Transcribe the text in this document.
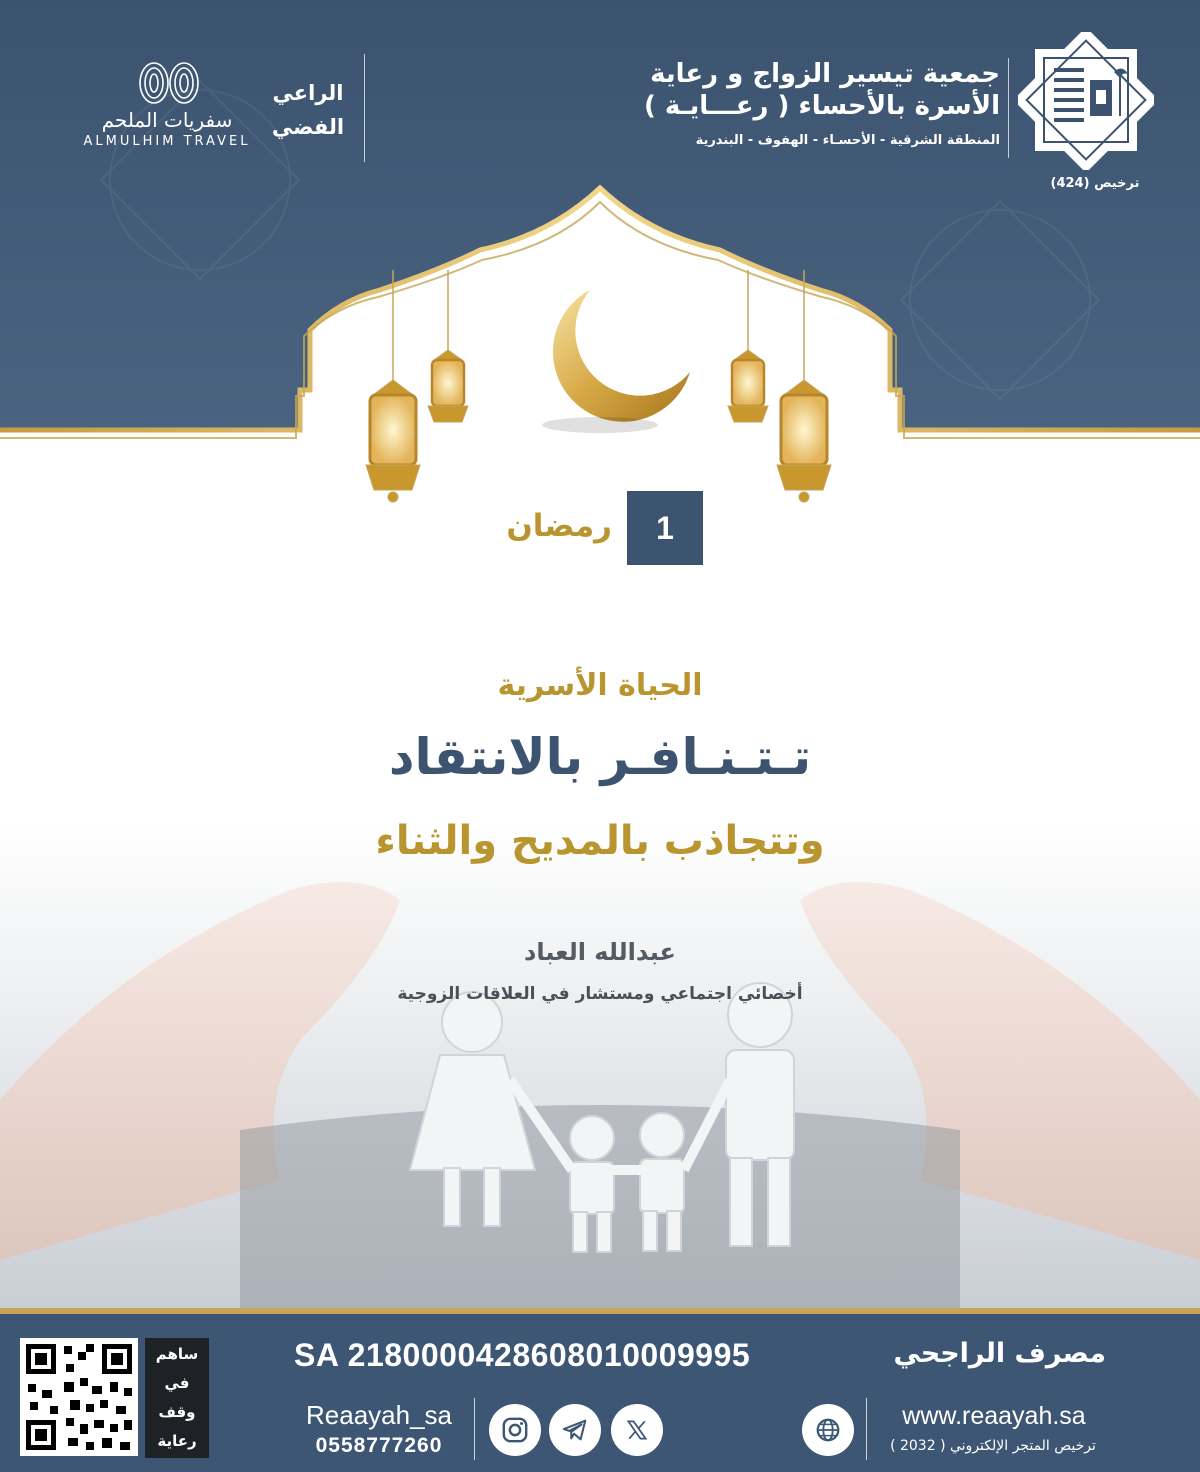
ترخيص (424)
جمعية تيسير الزواج و رعاية
الأسرة بالأحساء ( رعـــايـة )
المنطقة الشرقية - الأحسـاء - الهفوف - البندرية
الراعي
الفضي
سفريات الملحم
ALMULHIM TRAVEL
1
رمضان
الحياة الأسرية
تـتـنـافـر بالانتقاد
وتتجاذب بالمديح والثناء
عبدالله العباد
أخصائي اجتماعي ومستشار في العلاقات الزوجية
ساهم
في
وقف
رعاية
مصرف الراجحي
SA 2180000428608010009995
Reaayah_sa
0558777260
www.reaayah.sa
ترخيص المتجر الإلكتروني ( 2032 )
